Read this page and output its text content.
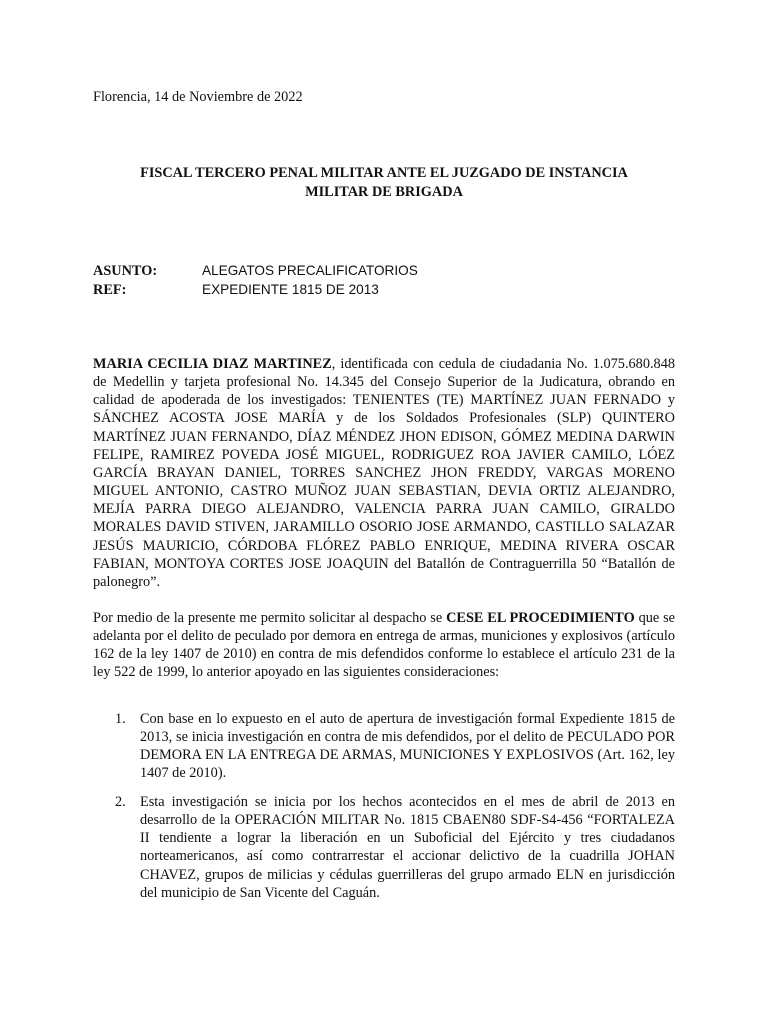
Florencia, 14 de Noviembre de 2022
FISCAL TERCERO PENAL MILITAR ANTE EL JUZGADO DE INSTANCIA
MILITAR DE BRIGADA
ASUNTO:	ALEGATOS PRECALIFICATORIOS
REF:	EXPEDIENTE 1815 DE 2013
MARIA CECILIA DIAZ MARTINEZ, identificada con cedula de ciudadania No. 1.075.680.848 de Medellin y tarjeta profesional No. 14.345 del Consejo Superior de la Judicatura, obrando en calidad de apoderada de los investigados: TENIENTES (TE) MARTÍNEZ JUAN FERNADO y SÁNCHEZ ACOSTA JOSE MARÍA y de los Soldados Profesionales (SLP) QUINTERO MARTÍNEZ JUAN FERNANDO, DÍAZ MÉNDEZ JHON EDISON, GÓMEZ MEDINA DARWIN FELIPE, RAMIREZ POVEDA JOSÉ MIGUEL, RODRIGUEZ ROA JAVIER CAMILO, LÓEZ GARCÍA BRAYAN DANIEL, TORRES SANCHEZ JHON FREDDY, VARGAS MORENO MIGUEL ANTONIO, CASTRO MUÑOZ JUAN SEBASTIAN, DEVIA ORTIZ ALEJANDRO, MEJÍA PARRA DIEGO ALEJANDRO, VALENCIA PARRA JUAN CAMILO, GIRALDO MORALES DAVID STIVEN, JARAMILLO OSORIO JOSE ARMANDO, CASTILLO SALAZAR JESÚS MAURICIO, CÓRDOBA FLÓREZ PABLO ENRIQUE, MEDINA RIVERA OSCAR FABIAN, MONTOYA CORTES JOSE JOAQUIN del Batallón de Contraguerrilla 50 “Batallón de palonegro”.
Por medio de la presente me permito solicitar al despacho se CESE EL PROCEDIMIENTO que se adelanta por el delito de peculado por demora en entrega de armas, municiones y explosivos (artículo 162 de la ley 1407 de 2010) en contra de mis defendidos conforme lo establece el artículo 231 de la ley 522 de 1999, lo anterior apoyado en las siguientes consideraciones:
1. Con base en lo expuesto en el auto de apertura de investigación formal Expediente 1815 de 2013, se inicia investigación en contra de mis defendidos, por el delito de PECULADO POR DEMORA EN LA ENTREGA DE ARMAS, MUNICIONES Y EXPLOSIVOS (Art. 162, ley 1407 de 2010).
2. Esta investigación se inicia por los hechos acontecidos en el mes de abril de 2013 en desarrollo de la OPERACIÓN MILITAR No. 1815 CBAEN80 SDF-S4-456 “FORTALEZA II tendiente a lograr la liberación en un Suboficial del Ejército y tres ciudadanos norteamericanos, así como contrarrestar el accionar delictivo de la cuadrilla JOHAN CHAVEZ, grupos de milicias y cédulas guerrilleras del grupo armado ELN en jurisdicción del municipio de San Vicente del Caguán.
